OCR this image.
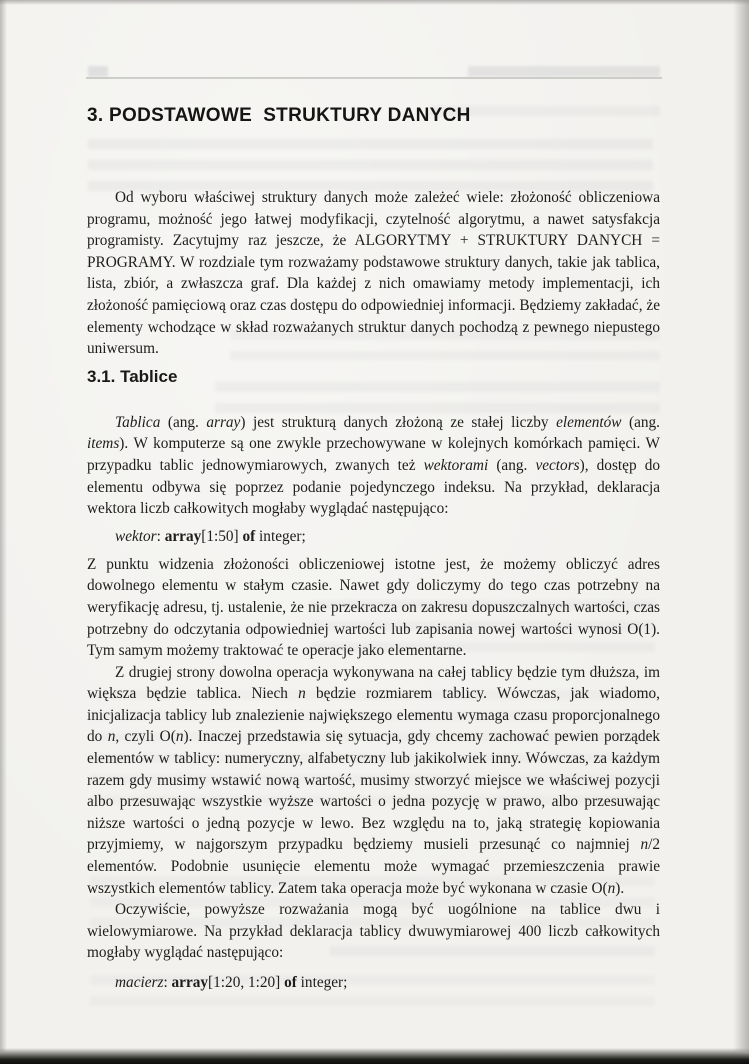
3. PODSTAWOWE  STRUKTURY DANYCH

Od wyboru właściwej struktury danych może zależeć wiele: złożoność obliczeniowa programu, możność jego łatwej modyfikacji, czytelność algorytmu, a nawet satysfakcja programisty. Zacytujmy raz jeszcze, że ALGORYTMY + STRUKTURY DANYCH = PROGRAMY. W rozdziale tym rozważamy podstawowe struktury danych, takie jak tablica, lista, zbiór, a zwłaszcza graf. Dla każdej z nich omawiamy metody implementacji, ich złożoność pamięciową oraz czas dostępu do odpowiedniej informacji. Będziemy zakładać, że elementy wchodzące w skład rozważanych struktur danych pochodzą z pewnego niepustego uniwersum.

3.1. Tablice

Tablica (ang. array) jest strukturą danych złożoną ze stałej liczby elementów (ang. items). W komputerze są one zwykle przechowywane w kolejnych komórkach pamięci. W przypadku tablic jednowymiarowych, zwanych też wektorami (ang. vectors), dostęp do elementu odbywa się poprzez podanie pojedynczego indeksu. Na przykład, deklaracja wektora liczb całkowitych mogłaby wyglądać następująco:

wektor: array[1:50] of integer;

Z punktu widzenia złożoności obliczeniowej istotne jest, że możemy obliczyć adres dowolnego elementu w stałym czasie. Nawet gdy doliczymy do tego czas potrzebny na weryfikację adresu, tj. ustalenie, że nie przekracza on zakresu dopuszczalnych wartości, czas potrzebny do odczytania odpowiedniej wartości lub zapisania nowej wartości wynosi O(1). Tym samym możemy traktować te operacje jako elementarne.

Z drugiej strony dowolna operacja wykonywana na całej tablicy będzie tym dłuższa, im większa będzie tablica. Niech n będzie rozmiarem tablicy. Wówczas, jak wiadomo, inicjalizacja tablicy lub znalezienie największego elementu wymaga czasu proporcjonalnego do n, czyli O(n). Inaczej przedstawia się sytuacja, gdy chcemy zachować pewien porządek elementów w tablicy: numeryczny, alfabetyczny lub jakikolwiek inny. Wówczas, za każdym razem gdy musimy wstawić nową wartość, musimy stworzyć miejsce we właściwej pozycji albo przesuwając wszystkie wyższe wartości o jedna pozycję w prawo, albo przesuwając niższe wartości o jedną pozycje w lewo. Bez względu na to, jaką strategię kopiowania przyjmiemy, w najgorszym przypadku będziemy musieli przesunąć co najmniej n/2 elementów. Podobnie usunięcie elementu może wymagać przemieszczenia prawie wszystkich elementów tablicy. Zatem taka operacja może być wykonana w czasie O(n).

Oczywiście, powyższe rozważania mogą być uogólnione na tablice dwu i wielowymiarowe. Na przykład deklaracja tablicy dwuwymiarowej 400 liczb całkowitych mogłaby wyglądać następująco:

macierz: array[1:20, 1:20] of integer;
